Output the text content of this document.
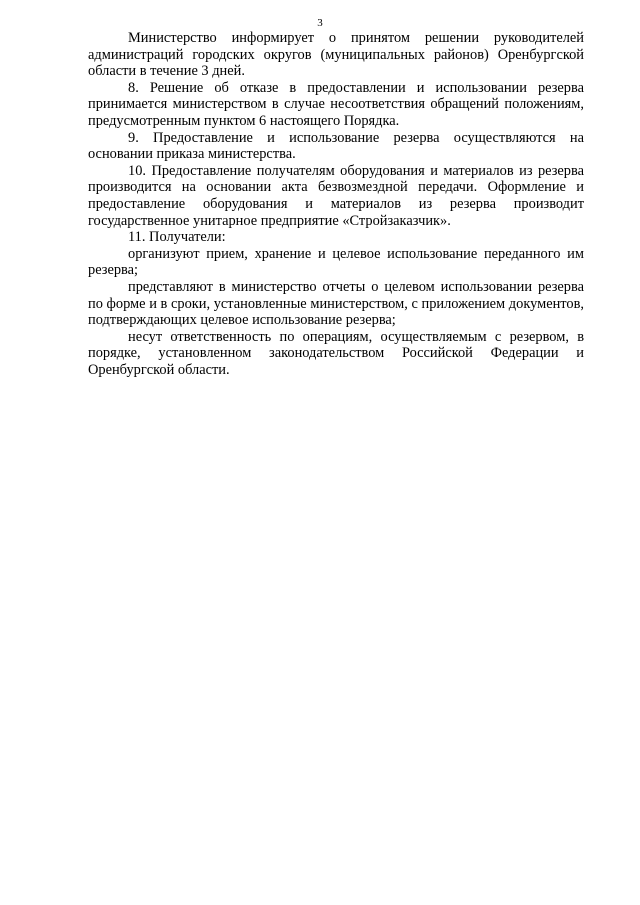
3

Министерство информирует о принятом решении руководителей администраций городских округов (муниципальных районов) Оренбургской области в течение 3 дней.

8. Решение об отказе в предоставлении и использовании резерва принимается министерством в случае несоответствия обращений положениям, предусмотренным пунктом 6 настоящего Порядка.

9. Предоставление и использование резерва осуществляются на основании приказа министерства.

10. Предоставление получателям оборудования и материалов из резерва производится на основании акта безвозмездной передачи. Оформление и предоставление оборудования и материалов из резерва производит государственное унитарное предприятие «Стройзаказчик».

11. Получатели:

организуют прием, хранение и целевое использование переданного им резерва;

представляют в министерство отчеты о целевом использовании резерва по форме и в сроки, установленные министерством, с приложением документов, подтверждающих целевое использование резерва;

несут ответственность по операциям, осуществляемым с резервом, в порядке, установленном законодательством Российской Федерации и Оренбургской области.
